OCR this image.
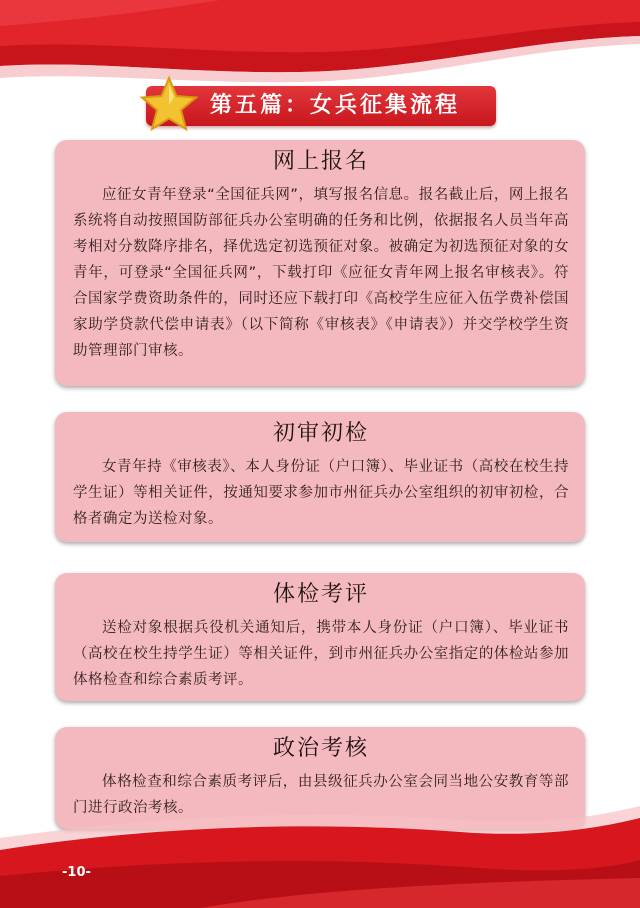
第五篇：女兵征集流程
网上报名

应征女青年登录“全国征兵网”，填写报名信息。报名截止后，网上报名系统将自动按照国防部征兵办公室明确的任务和比例，依据报名人员当年高考相对分数降序排名，择优选定初选预征对象。被确定为初选预征对象的女青年，可登录“全国征兵网”，下载打印《应征女青年网上报名审核表》。符合国家学费资助条件的，同时还应下载打印《高校学生应征入伍学费补偿国家助学贷款代偿申请表》（以下简称《审核表》《申请表》）并交学校学生资助管理部门审核。

初审初检

女青年持《审核表》、本人身份证（户口簿）、毕业证书（高校在校生持学生证）等相关证件，按通知要求参加市州征兵办公室组织的初审初检，合格者确定为送检对象。

体检考评

送检对象根据兵役机关通知后，携带本人身份证（户口簿）、毕业证书（高校在校生持学生证）等相关证件，到市州征兵办公室指定的体检站参加体格检查和综合素质考评。

政治考核

体格检查和综合素质考评后，由县级征兵办公室会同当地公安教育等部门进行政治考核。

-10-
